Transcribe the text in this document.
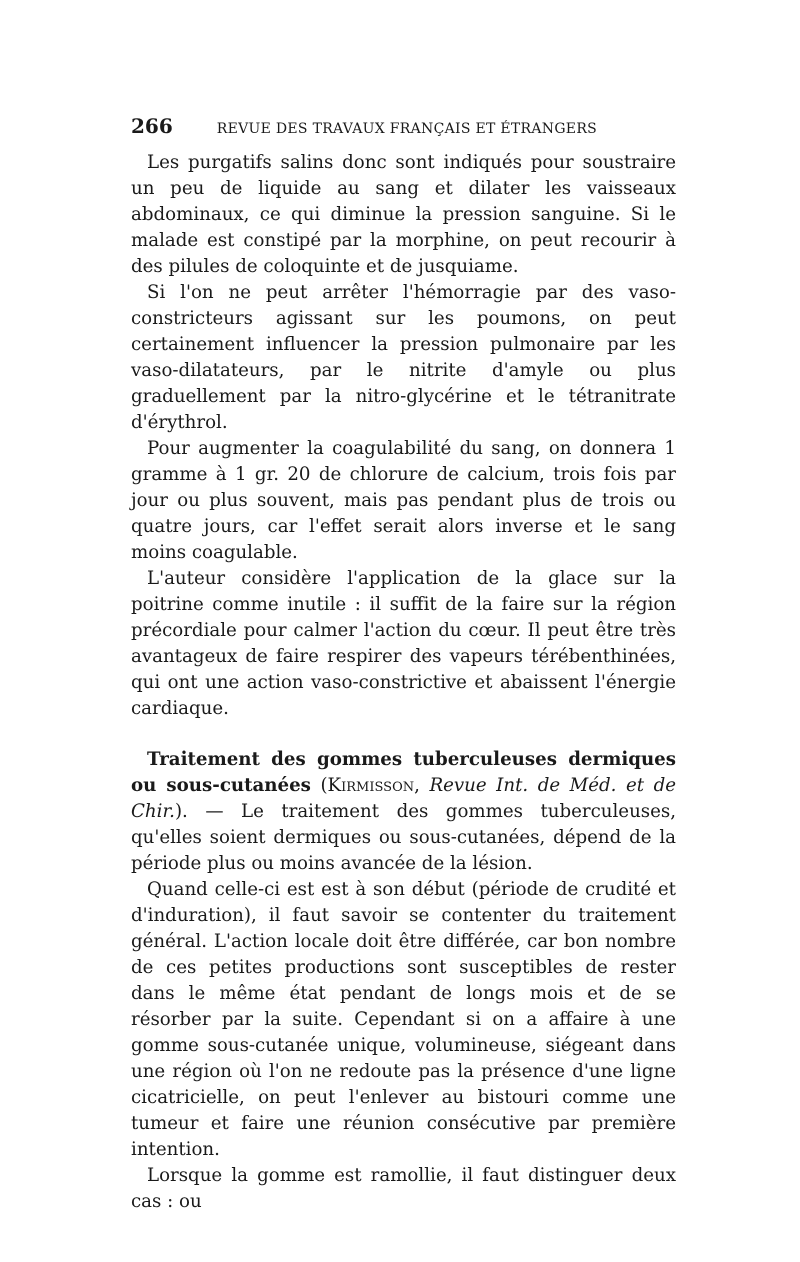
266	REVUE DES TRAVAUX FRANÇAIS ET ÉTRANGERS

Les purgatifs salins donc sont indiqués pour soustraire un peu de liquide au sang et dilater les vaisseaux abdominaux, ce qui diminue la pression sanguine. Si le malade est constipé par la morphine, on peut recourir à des pilules de coloquinte et de jusquiame.

Si l'on ne peut arrêter l'hémorragie par des vaso-constricteurs agissant sur les poumons, on peut certainement influencer la pression pulmonaire par les vaso-dilatateurs, par le nitrite d'amyle ou plus graduellement par la nitro-glycérine et le tétranitrate d'érythrol.

Pour augmenter la coagulabilité du sang, on donnera 1 gramme à 1 gr. 20 de chlorure de calcium, trois fois par jour ou plus souvent, mais pas pendant plus de trois ou quatre jours, car l'effet serait alors inverse et le sang moins coagulable.

L'auteur considère l'application de la glace sur la poitrine comme inutile : il suffit de la faire sur la région précordiale pour calmer l'action du cœur. Il peut être très avantageux de faire respirer des vapeurs térébenthinées, qui ont une action vaso-constrictive et abaissent l'énergie cardiaque.

Traitement des gommes tuberculeuses dermiques ou sous-cutanées (Kirmisson, Revue Int. de Méd. et de Chir.). — Le traitement des gommes tuberculeuses, qu'elles soient dermiques ou sous-cutanées, dépend de la période plus ou moins avancée de la lésion.

Quand celle-ci est est à son début (période de crudité et d'induration), il faut savoir se contenter du traitement général. L'action locale doit être différée, car bon nombre de ces petites productions sont susceptibles de rester dans le même état pendant de longs mois et de se résorber par la suite. Cependant si on a affaire à une gomme sous-cutanée unique, volumineuse, siégeant dans une région où l'on ne redoute pas la présence d'une ligne cicatricielle, on peut l'enlever au bistouri comme une tumeur et faire une réunion consécutive par première intention.

Lorsque la gomme est ramollie, il faut distinguer deux cas : ou
